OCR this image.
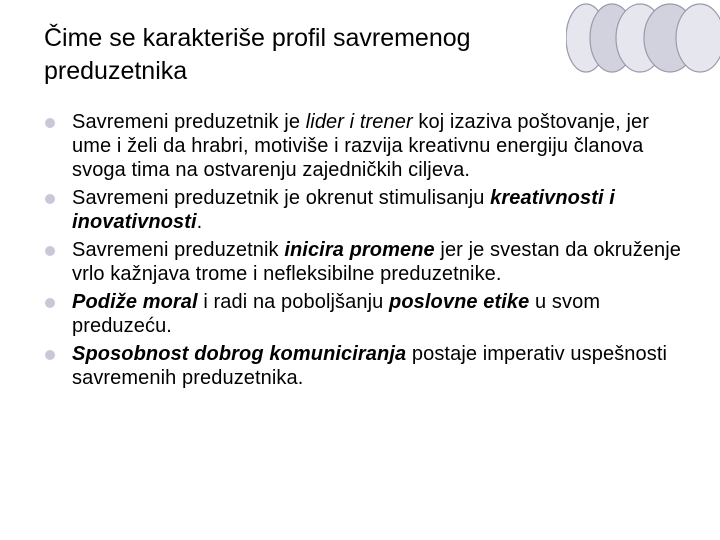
Čime se karakteriše profil savremenog preduzetnika
Savremeni preduzetnik je lider i trener koj izaziva poštovanje, jer ume i želi da hrabri, motiviše i razvija kreativnu energiju članova svoga tima na ostvarenju zajedničkih ciljeva.
Savremeni preduzetnik je okrenut stimulisanju kreativnosti i inovativnosti.
Savremeni preduzetnik inicira promene jer je svestan da okruženje vrlo kažnjava trome i nefleksibilne preduzetnike.
Podiže moral i radi na poboljšanju poslovne etike u svom preduzeću.
Sposobnost dobrog komuniciranja postaje imperativ uspešnosti savremenih preduzetnika.
